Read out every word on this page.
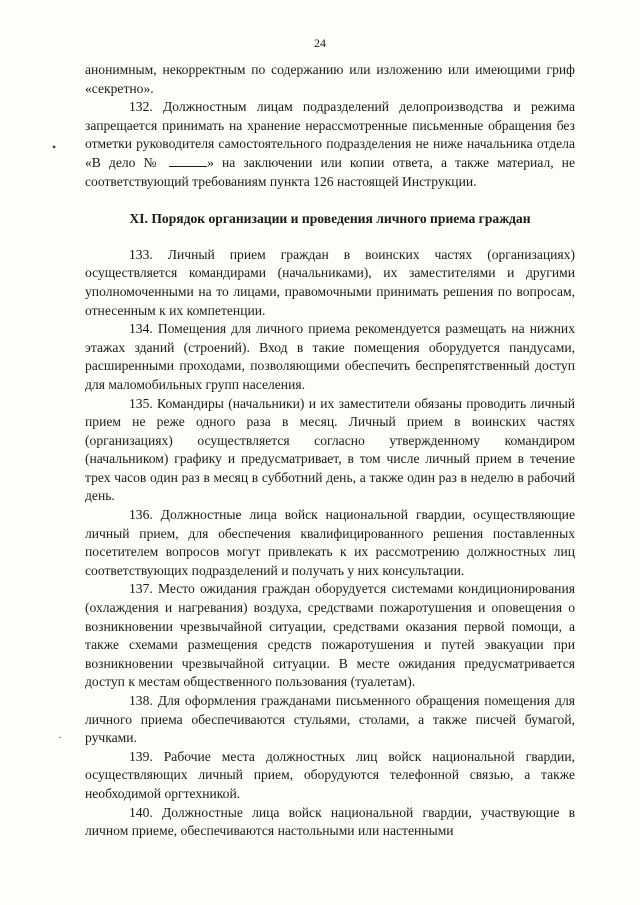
24
•
·

анонимным, некорректным по содержанию или изложению или имеющими гриф «секретно».

132. Должностным лицам подразделений делопроизводства и режима запрещается принимать на хранение нерассмотренные письменные обращения без отметки руководителя самостоятельного подразделения не ниже начальника отдела «В дело №	» на заключении или копии ответа, а также материал, не соответствующий требованиям пункта 126 настоящей Инструкции.

XI. Порядок организации и проведения личного приема граждан

133. Личный прием граждан в воинских частях (организациях) осуществляется командирами (начальниками), их заместителями и другими уполномоченными на то лицами, правомочными принимать решения по вопросам, отнесенным к их компетенции.

134. Помещения для личного приема рекомендуется размещать на нижних этажах зданий (строений). Вход в такие помещения оборудуется пандусами, расширенными проходами, позволяющими обеспечить беспрепятственный доступ для маломобильных групп населения.

135. Командиры (начальники) и их заместители обязаны проводить личный прием не реже одного раза в месяц. Личный прием в воинских частях (организациях) осуществляется согласно утвержденному командиром (начальником) графику и предусматривает, в том числе личный прием в течение трех часов один раз в месяц в субботний день, а также один раз в неделю в рабочий день.

136. Должностные лица войск национальной гвардии, осуществляющие личный прием, для обеспечения квалифицированного решения поставленных посетителем вопросов могут привлекать к их рассмотрению должностных лиц соответствующих подразделений и получать у них консультации.

137. Место ожидания граждан оборудуется системами кондиционирования (охлаждения и нагревания) воздуха, средствами пожаротушения и оповещения о возникновении чрезвычайной ситуации, средствами оказания первой помощи, а также схемами размещения средств пожаротушения и путей эвакуации при возникновении чрезвычайной ситуации. В месте ожидания предусматривается доступ к местам общественного пользования (туалетам).

138. Для оформления гражданами письменного обращения помещения для личного приема обеспечиваются стульями, столами, а также писчей бумагой, ручками.

139. Рабочие места должностных лиц войск национальной гвардии, осуществляющих личный прием, оборудуются телефонной связью, а также необходимой оргтехникой.

140. Должностные лица войск национальной гвардии, участвующие в личном приеме, обеспечиваются настольными или настенными
